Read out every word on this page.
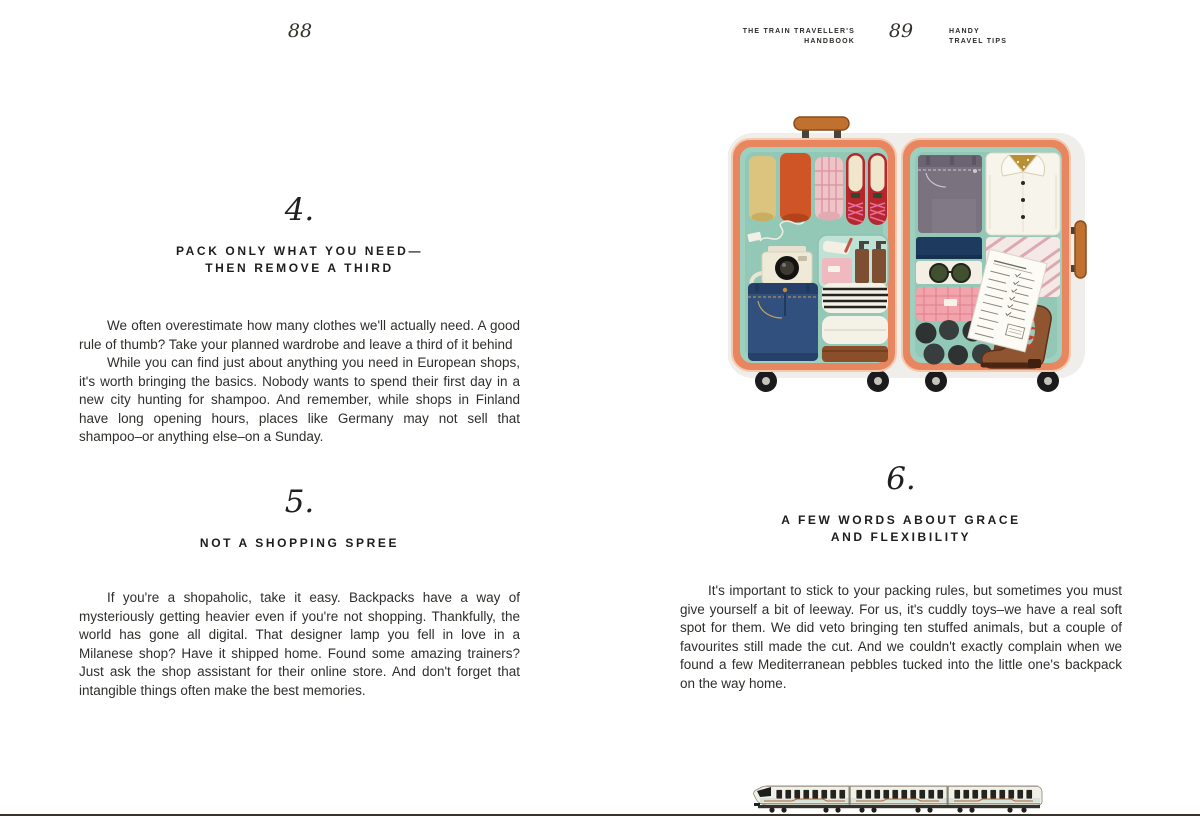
88	THE TRAIN TRAVELLER'S
HANDBOOK	89	HANDY
TRAVEL TIPS
4.
PACK ONLY WHAT YOU NEED—
THEN REMOVE A THIRD

We often overestimate how many clothes we'll actually need. A good rule of thumb? Take your planned wardrobe and leave a third of it behind

While you can find just about anything you need in European shops, it's worth bringing the basics. Nobody wants to spend their first day in a new city hunting for shampoo. And remember, while shops in Finland have long opening hours, places like Germany may not sell that shampoo–or anything else–on a Sunday.

5.
NOT A SHOPPING SPREE

If you're a shopaholic, take it easy. Backpacks have a way of mysteriously getting heavier even if you're not shopping. Thankfully, the world has gone all digital. That designer lamp you fell in love in a Milanese shop? Have it shipped home. Found some amazing trainers? Just ask the shop assistant for their online store. And don't forget that intangible things often make the best memories.

6.
A FEW WORDS ABOUT GRACE
AND FLEXIBILITY

It's important to stick to your packing rules, but sometimes you must give yourself a bit of leeway. For us, it's cuddly toys–we have a real soft spot for them. We did veto bringing ten stuffed animals, but a couple of favourites still made the cut. And we couldn't exactly complain when we found a few Mediterranean pebbles tucked into the little one's backpack on the way home.
